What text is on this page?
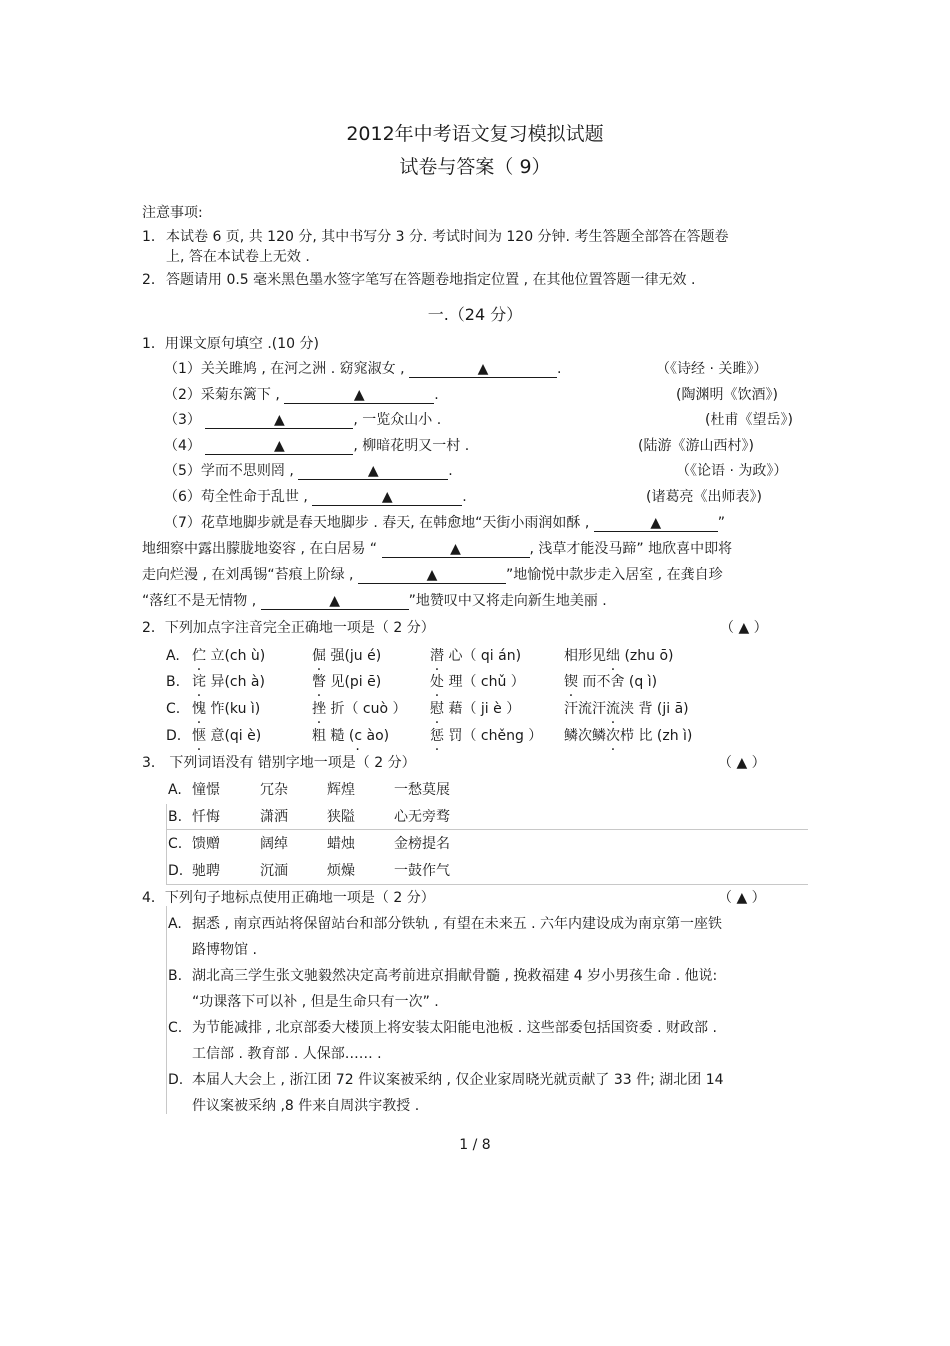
2012年中考语文复习模拟试题
试卷与答案（ 9）
注意事项:
1． 本试卷 6 页, 共 120 分, 其中书写分 3 分. 考试时间为 120 分钟. 考生答题全部答在答题卷
上, 答在本试卷上无效 .
2． 答题请用 0.5 毫米黑色墨水签字笔写在答题卷地指定位置 , 在其他位置答题一律无效 .
一.（24 分）
1．用课文原句填空 .(10 分)
（1）关关雎鸠 , 在河之洲 . 窈窕淑女 ,	▲	.	（《诗经 · 关雎》）
（2）采菊东篱下 ,	▲	.	(陶渊明《饮酒》)
（3）	▲	, 一览众山小 .	(杜甫《望岳》)
（4）	▲	, 柳暗花明又一村 .	(陆游《游山西村》)
（5）学而不思则罔 ,	▲	.	（《论语 · 为政》）
（6）苟全性命于乱世 ,	▲	.	(诸葛亮《出师表》)
（7）花草地脚步就是春天地脚步 . 春天, 在韩愈地“天街小雨润如酥 ,	▲	”
地细察中露出朦胧地姿容 , 在白居易 “	▲	, 浅草才能没马蹄” 地欣喜中即将
走向烂漫 , 在刘禹锡“苔痕上阶绿 ,	▲	”地愉悦中款步走入居室 , 在龚自珍
“落红不是无情物 ,	▲	”地赞叹中又将走向新生地美丽 .
2．下列加点字注音完全正确地一项是（ 2 分）	（ ▲ ）
A. 伫 立(ch ù)	倔 强(ju é)	潜 心（ qi án)	相形见绌 (zhu ō)
B. 诧 异(ch à)	瞥 见(pi ē)	处 理（ chǔ ）	锲 而不舍 (q ì)
C. 愧 怍(ku ì)	挫 折（ cuò ） 慰 藉（ ji è ）	汗流汗流浃 背 (ji ā)
D. 惬 意(qi è)	粗 糙 (c ào) ·	惩 罚（ chěng ） 鳞次鳞次栉 比 (zh ì)
3． 下列词语没有 错别字地一项是（ 2 分）	（ ▲ ）
A. 憧憬	冗杂	辉煌	一愁莫展
B. 忏悔	潇洒	狭隘	心无旁骛
C. 馈赠	阔绰	蜡烛	金榜提名
D. 驰聘	沉湎	烦燥	一鼓作气
4．下列句子地标点使用正确地一项是（ 2 分）	（ ▲ ）
A. 据悉 , 南京西站将保留站台和部分铁轨 , 有望在未来五 . 六年内建设成为南京第一座铁
路博物馆 .
B. 湖北高三学生张文驰毅然决定高考前进京捐献骨髓 , 挽救福建 4 岁小男孩生命 . 他说:
“功课落下可以补 , 但是生命只有一次” .
C. 为节能减排 , 北京部委大楼顶上将安装太阳能电池板 . 这些部委包括国资委 . 财政部 .
工信部 . 教育部 . 人保部…… .
D. 本届人大会上 , 浙江团 72 件议案被采纳 , 仅企业家周晓光就贡献了 33 件; 湖北团 14
件议案被采纳 ,8 件来自周洪宇教授 .
1 / 8
